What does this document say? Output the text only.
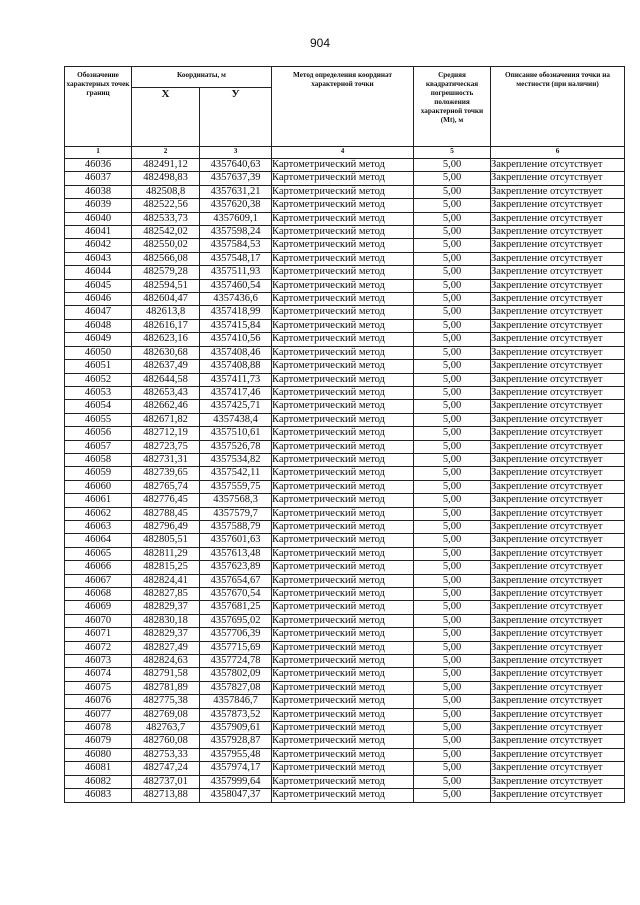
904
Обозначение характерных точек границ	Координаты, м		Метод определения координат характерной точки	Средняя квадратическая погрешность положения характерной точки (Mt), м	Описание обозначения точки на местности (при наличии)
	X	У			
1	2	3	4	5	6
46036	482491,12	4357640,63	Картометрический метод	5,00	Закрепление отсутствует
46037	482498,83	4357637,39	Картометрический метод	5,00	Закрепление отсутствует
46038	482508,8	4357631,21	Картометрический метод	5,00	Закрепление отсутствует
46039	482522,56	4357620,38	Картометрический метод	5,00	Закрепление отсутствует
46040	482533,73	4357609,1	Картометрический метод	5,00	Закрепление отсутствует
46041	482542,02	4357598,24	Картометрический метод	5,00	Закрепление отсутствует
46042	482550,02	4357584,53	Картометрический метод	5,00	Закрепление отсутствует
46043	482566,08	4357548,17	Картометрический метод	5,00	Закрепление отсутствует
46044	482579,28	4357511,93	Картометрический метод	5,00	Закрепление отсутствует
46045	482594,51	4357460,54	Картометрический метод	5,00	Закрепление отсутствует
46046	482604,47	4357436,6	Картометрический метод	5,00	Закрепление отсутствует
46047	482613,8	4357418,99	Картометрический метод	5,00	Закрепление отсутствует
46048	482616,17	4357415,84	Картометрический метод	5,00	Закрепление отсутствует
46049	482623,16	4357410,56	Картометрический метод	5,00	Закрепление отсутствует
46050	482630,68	4357408,46	Картометрический метод	5,00	Закрепление отсутствует
46051	482637,49	4357408,88	Картометрический метод	5,00	Закрепление отсутствует
46052	482644,58	4357411,73	Картометрический метод	5,00	Закрепление отсутствует
46053	482653,43	4357417,46	Картометрический метод	5,00	Закрепление отсутствует
46054	482662,46	4357425,71	Картометрический метод	5,00	Закрепление отсутствует
46055	482671,82	4357438,4	Картометрический метод	5,00	Закрепление отсутствует
46056	482712,19	4357510,61	Картометрический метод	5,00	Закрепление отсутствует
46057	482723,75	4357526,78	Картометрический метод	5,00	Закрепление отсутствует
46058	482731,31	4357534,82	Картометрический метод	5,00	Закрепление отсутствует
46059	482739,65	4357542,11	Картометрический метод	5,00	Закрепление отсутствует
46060	482765,74	4357559,75	Картометрический метод	5,00	Закрепление отсутствует
46061	482776,45	4357568,3	Картометрический метод	5,00	Закрепление отсутствует
46062	482788,45	4357579,7	Картометрический метод	5,00	Закрепление отсутствует
46063	482796,49	4357588,79	Картометрический метод	5,00	Закрепление отсутствует
46064	482805,51	4357601,63	Картометрический метод	5,00	Закрепление отсутствует
46065	482811,29	4357613,48	Картометрический метод	5,00	Закрепление отсутствует
46066	482815,25	4357623,89	Картометрический метод	5,00	Закрепление отсутствует
46067	482824,41	4357654,67	Картометрический метод	5,00	Закрепление отсутствует
46068	482827,85	4357670,54	Картометрический метод	5,00	Закрепление отсутствует
46069	482829,37	4357681,25	Картометрический метод	5,00	Закрепление отсутствует
46070	482830,18	4357695,02	Картометрический метод	5,00	Закрепление отсутствует
46071	482829,37	4357706,39	Картометрический метод	5,00	Закрепление отсутствует
46072	482827,49	4357715,69	Картометрический метод	5,00	Закрепление отсутствует
46073	482824,63	4357724,78	Картометрический метод	5,00	Закрепление отсутствует
46074	482791,58	4357802,09	Картометрический метод	5,00	Закрепление отсутствует
46075	482781,89	4357827,08	Картометрический метод	5,00	Закрепление отсутствует
46076	482775,38	4357846,7	Картометрический метод	5,00	Закрепление отсутствует
46077	482769,08	4357873,52	Картометрический метод	5,00	Закрепление отсутствует
46078	482763,7	4357909,61	Картометрический метод	5,00	Закрепление отсутствует
46079	482760,08	4357928,87	Картометрический метод	5,00	Закрепление отсутствует
46080	482753,33	4357955,48	Картометрический метод	5,00	Закрепление отсутствует
46081	482747,24	4357974,17	Картометрический метод	5,00	Закрепление отсутствует
46082	482737,01	4357999,64	Картометрический метод	5,00	Закрепление отсутствует
46083	482713,88	4358047,37	Картометрический метод	5,00	Закрепление отсутствует
